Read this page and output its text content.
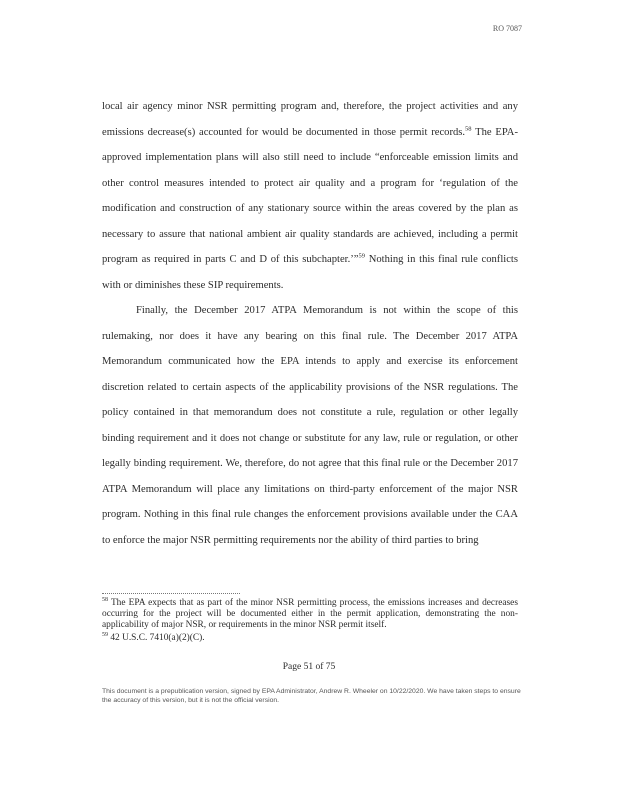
RO 7087

local air agency minor NSR permitting program and, therefore, the project activities and any emissions decrease(s) accounted for would be documented in those permit records.$^{58}$ The EPA-approved implementation plans will also still need to include “enforceable emission limits and other control measures intended to protect air quality and a program for ‘regulation of the modification and construction of any stationary source within the areas covered by the plan as necessary to assure that national ambient air quality standards are achieved, including a permit program as required in parts C and D of this subchapter.’”$^{59}$ Nothing in this final rule conflicts with or diminishes these SIP requirements.

Finally, the December 2017 ATPA Memorandum is not within the scope of this rulemaking, nor does it have any bearing on this final rule. The December 2017 ATPA Memorandum communicated how the EPA intends to apply and exercise its enforcement discretion related to certain aspects of the applicability provisions of the NSR regulations. The policy contained in that memorandum does not constitute a rule, regulation or other legally binding requirement and it does not change or substitute for any law, rule or regulation, or other legally binding requirement. We, therefore, do not agree that this final rule or the December 2017 ATPA Memorandum will place any limitations on third-party enforcement of the major NSR program. Nothing in this final rule changes the enforcement provisions available under the CAA to enforce the major NSR permitting requirements nor the ability of third parties to bring

$^{58}$ The EPA expects that as part of the minor NSR permitting process, the emissions increases and decreases occurring for the project will be documented either in the permit application, demonstrating the non-applicability of major NSR, or requirements in the minor NSR permit itself.

$^{59}$ 42 U.S.C. 7410(a)(2)(C).

Page 51 of 75
This document is a prepublication version, signed by EPA Administrator, Andrew R. Wheeler on 10/22/2020. We have taken steps to ensure the accuracy of this version, but it is not the official version.
